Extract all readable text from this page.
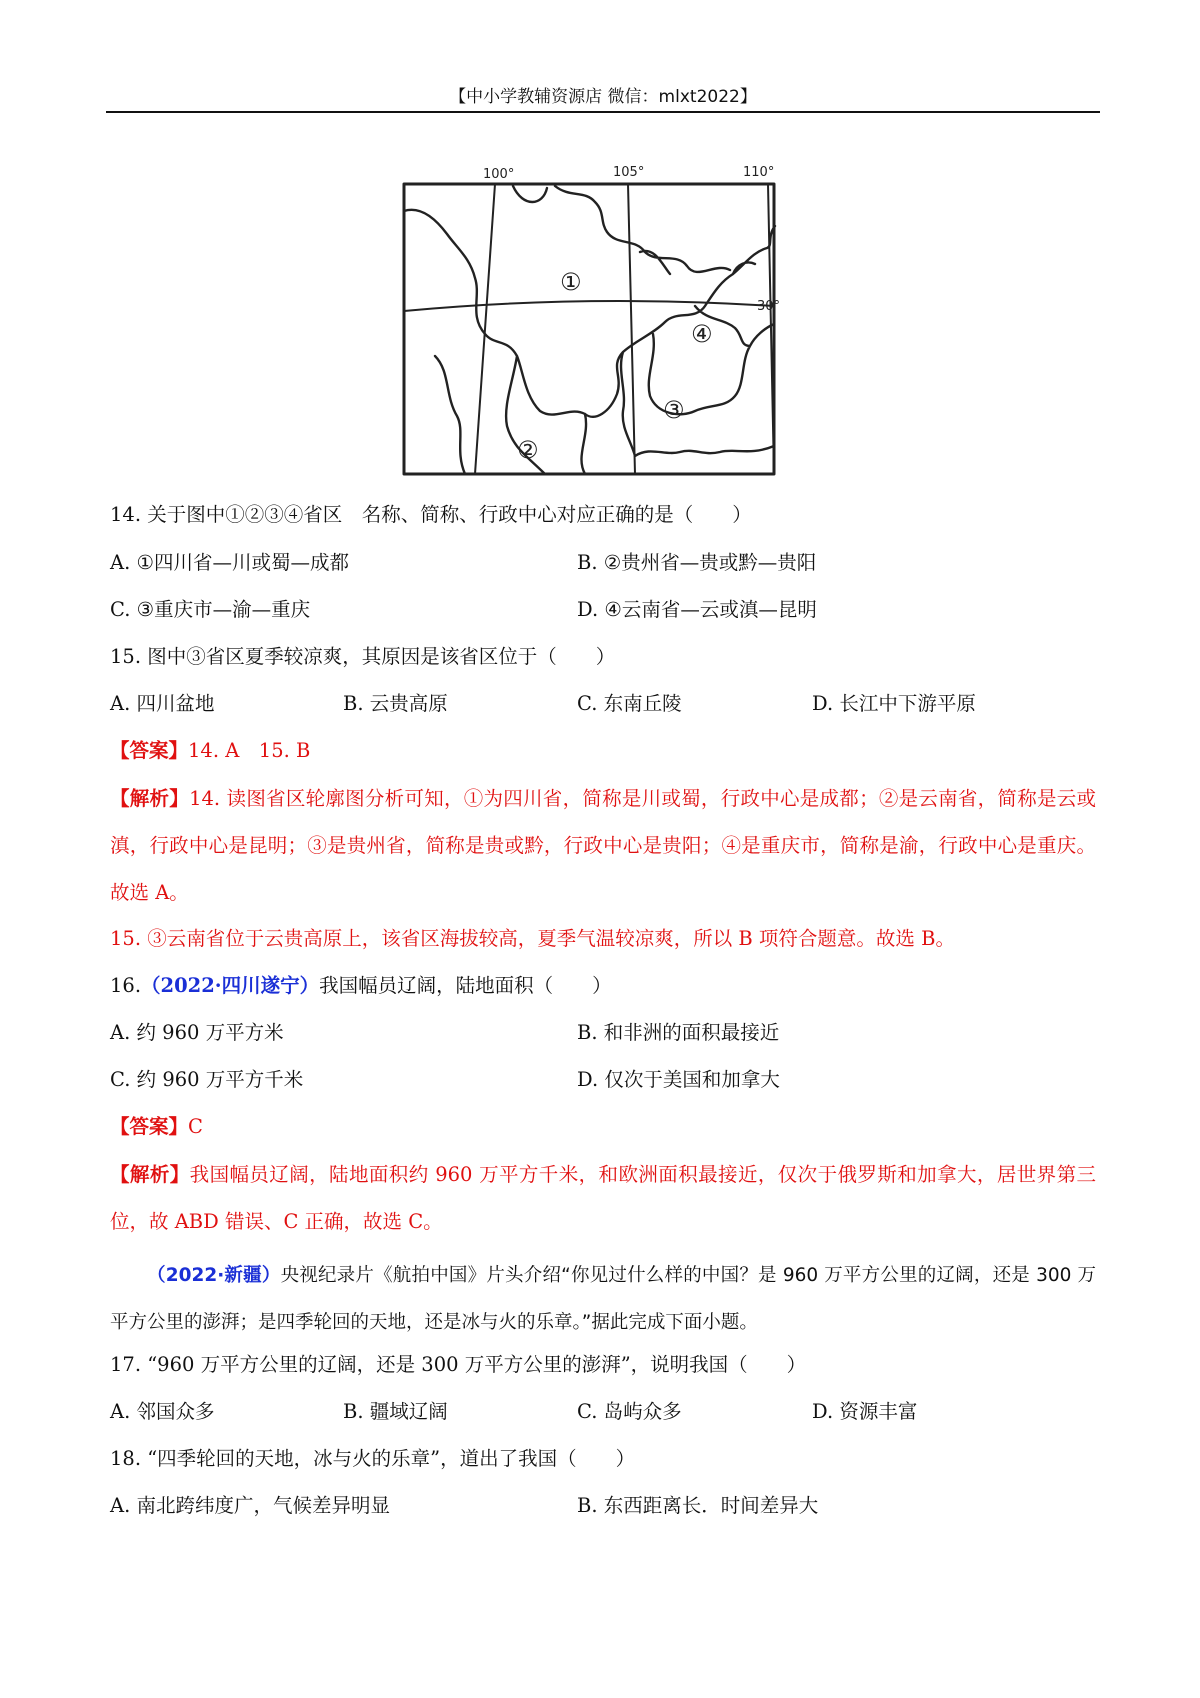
【中小学教辅资源店 微信：mlxt2022】
100°	105°	110°
30°
①
②
③
④
14. 关于图中①②③④省区　名称、简称、行政中心对应正确的是（　　）
A. ①四川省—川或蜀—成都	B. ②贵州省—贵或黔—贵阳
C. ③重庆市—渝—重庆	D. ④云南省—云或滇—昆明
15. 图中③省区夏季较凉爽，其原因是该省区位于（　　）
A. 四川盆地	B. 云贵高原	C. 东南丘陵	D. 长江中下游平原
【答案】14. A　15. B
【解析】14. 读图省区轮廓图分析可知，①为四川省，简称是川或蜀，行政中心是成都；②是云南省，简称是云或滇，行政中心是昆明；③是贵州省，简称是贵或黔，行政中心是贵阳；④是重庆市，简称是渝，行政中心是重庆。故选 A。
15. ③云南省位于云贵高原上，该省区海拔较高，夏季气温较凉爽，所以 B 项符合题意。故选 B。
16.（2022·四川遂宁）我国幅员辽阔，陆地面积（　　）
A. 约 960 万平方米	B. 和非洲的面积最接近
C. 约 960 万平方千米	D. 仅次于美国和加拿大
【答案】C
【解析】我国幅员辽阔，陆地面积约 960 万平方千米，和欧洲面积最接近，仅次于俄罗斯和加拿大，居世界第三位，故 ABD 错误、C 正确，故选 C。
（2022·新疆）央视纪录片《航拍中国》片头介绍“你见过什么样的中国？是 960 万平方公里的辽阔，还是 300 万平方公里的澎湃；是四季轮回的天地，还是冰与火的乐章。”据此完成下面小题。
17. “960 万平方公里的辽阔，还是 300 万平方公里的澎湃”，说明我国（　　）
A. 邻国众多	B. 疆域辽阔	C. 岛屿众多	D. 资源丰富
18. “四季轮回的天地，冰与火的乐章”，道出了我国（　　）
A. 南北跨纬度广，气候差异明显	B. 东西距离长．时间差异大
